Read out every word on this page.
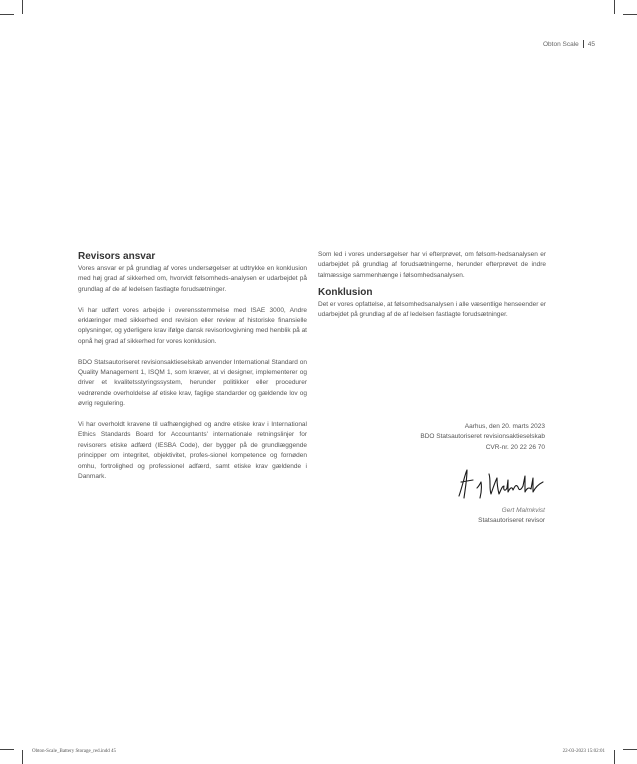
Obton Scale 45
Revisors ansvar

Vores ansvar er på grundlag af vores undersøgelser at udtrykke en konklusion med høj grad af sikkerhed om, hvorvidt følsomheds-analysen er udarbejdet på grundlag af de af ledelsen fastlagte forudsætninger.

Vi har udført vores arbejde i overensstemmelse med ISAE 3000, Andre erklæringer med sikkerhed end revision eller review af historiske finansielle oplysninger, og yderligere krav ifølge dansk revisorlovgivning med henblik på at opnå høj grad af sikkerhed for vores konklusion.

BDO Statsautoriseret revisionsaktieselskab anvender International Standard on Quality Management 1, ISQM 1, som kræver, at vi designer, implementerer og driver et kvalitetsstyringssystem, herunder politikker eller procedurer vedrørende overholdelse af etiske krav, faglige standarder og gældende lov og øvrig regulering.

Vi har overholdt kravene til uafhængighed og andre etiske krav i International Ethics Standards Board for Accountants' internationale retningslinjer for revisorers etiske adfærd (IESBA Code), der bygger på de grundlæggende principper om integritet, objektivitet, profes-sionel kompetence og fornøden omhu, fortrolighed og professionel adfærd, samt etiske krav gældende i Danmark.

Som led i vores undersøgelser har vi efterprøvet, om følsom-hedsanalysen er udarbejdet på grundlag af forudsætningerne, herunder efterprøvet de indre talmæssige sammenhænge i følsomhedsanalysen.

Konklusion

Det er vores opfattelse, at følsomhedsanalysen i alle væsentlige henseender er udarbejdet på grundlag af de af ledelsen fastlagte forudsætninger.

Aarhus, den 20. marts 2023
BDO Statsautoriseret revisionsaktieselskab
CVR-nr. 20 22 26 70
Gert Malmkvist
Statsautoriseret revisor
Obton-Scale_Battery Storage_red.indd 45	22-03-2023 15:02:01
